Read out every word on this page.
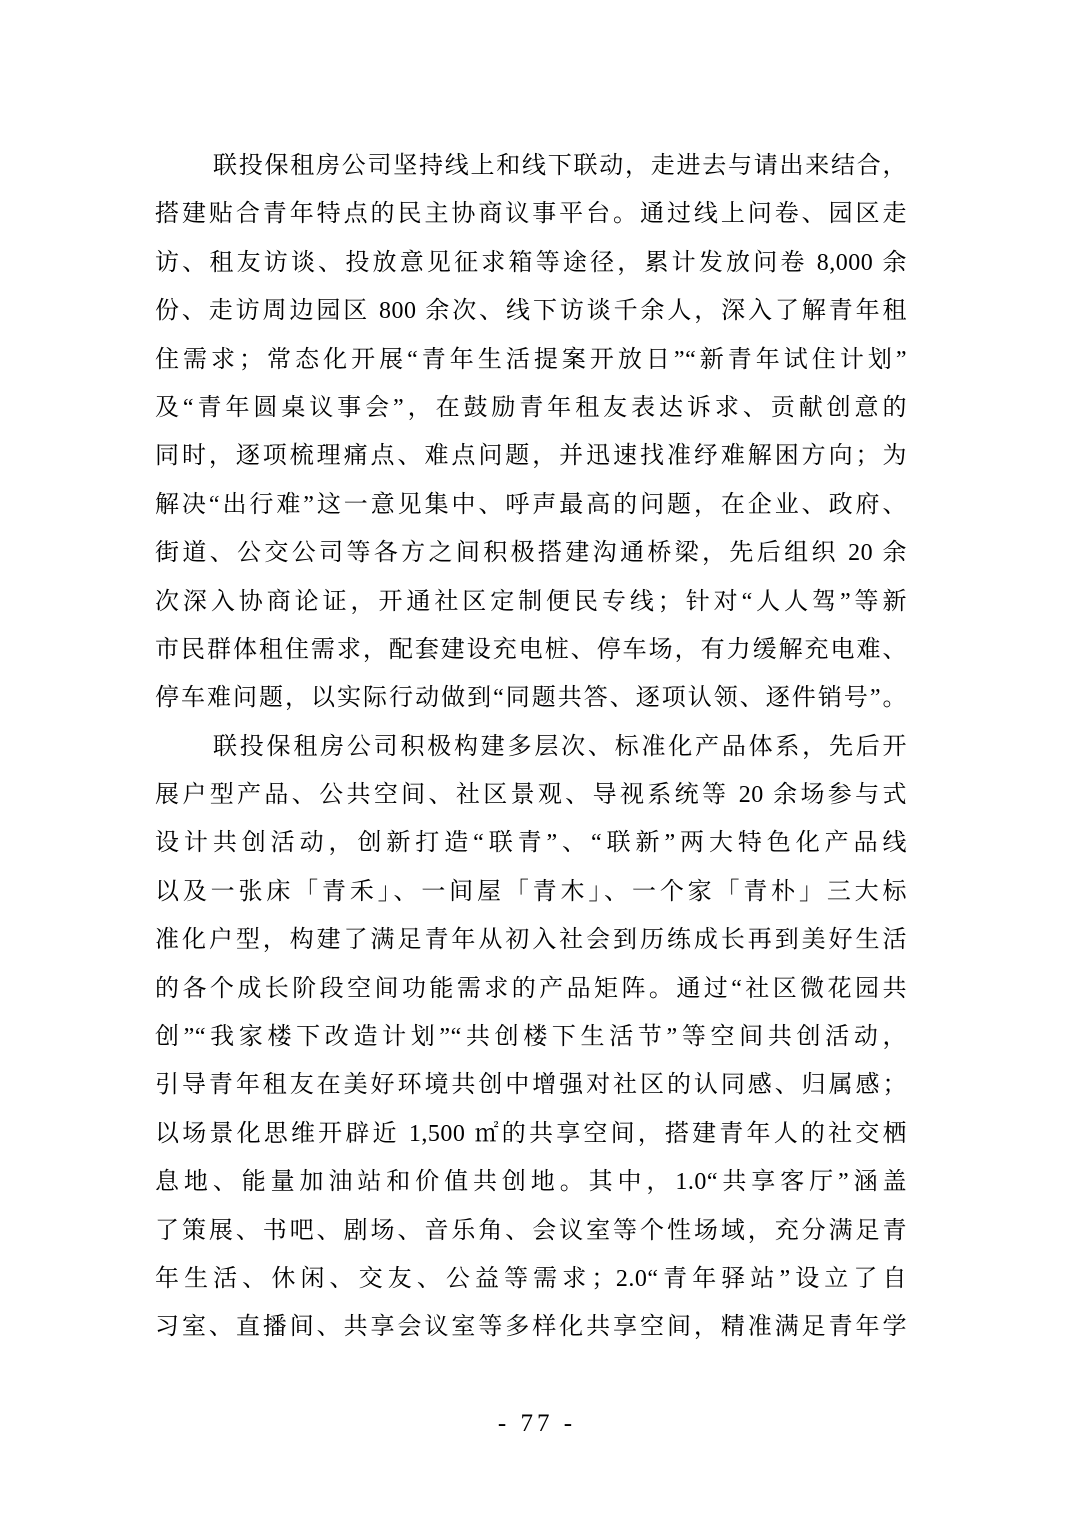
联投保租房公司坚持线上和线下联动，走进去与请出来结合，
搭建贴合青年特点的民主协商议事平台。通过线上问卷、园区走
访、租友访谈、投放意见征求箱等途径，累计发放问卷 8,000 余
份、走访周边园区 800 余次、线下访谈千余人，深入了解青年租
住需求；常态化开展“青年生活提案开放日”“新青年试住计划”
及“青年圆桌议事会”，在鼓励青年租友表达诉求、贡献创意的
同时，逐项梳理痛点、难点问题，并迅速找准纾难解困方向；为
解决“出行难”这一意见集中、呼声最高的问题，在企业、政府、
街道、公交公司等各方之间积极搭建沟通桥梁，先后组织 20 余
次深入协商论证，开通社区定制便民专线；针对“人人驾”等新
市民群体租住需求，配套建设充电桩、停车场，有力缓解充电难、
停车难问题，以实际行动做到“同题共答、逐项认领、逐件销号”。
联投保租房公司积极构建多层次、标准化产品体系，先后开
展户型产品、公共空间、社区景观、导视系统等 20 余场参与式
设计共创活动，创新打造“联青”、“联新”两大特色化产品线
以及一张床「青禾」、一间屋「青木」、一个家「青朴」三大标
准化户型，构建了满足青年从初入社会到历练成长再到美好生活
的各个成长阶段空间功能需求的产品矩阵。通过“社区微花园共
创”“我家楼下改造计划”“共创楼下生活节”等空间共创活动，
引导青年租友在美好环境共创中增强对社区的认同感、归属感；
以场景化思维开辟近 1,500 ㎡的共享空间，搭建青年人的社交栖
息地、能量加油站和价值共创地。其中，1.0“共享客厅”涵盖
了策展、书吧、剧场、音乐角、会议室等个性场域，充分满足青
年生活、休闲、交友、公益等需求；2.0“青年驿站”设立了自
习室、直播间、共享会议室等多样化共享空间，精准满足青年学
- 77 -
